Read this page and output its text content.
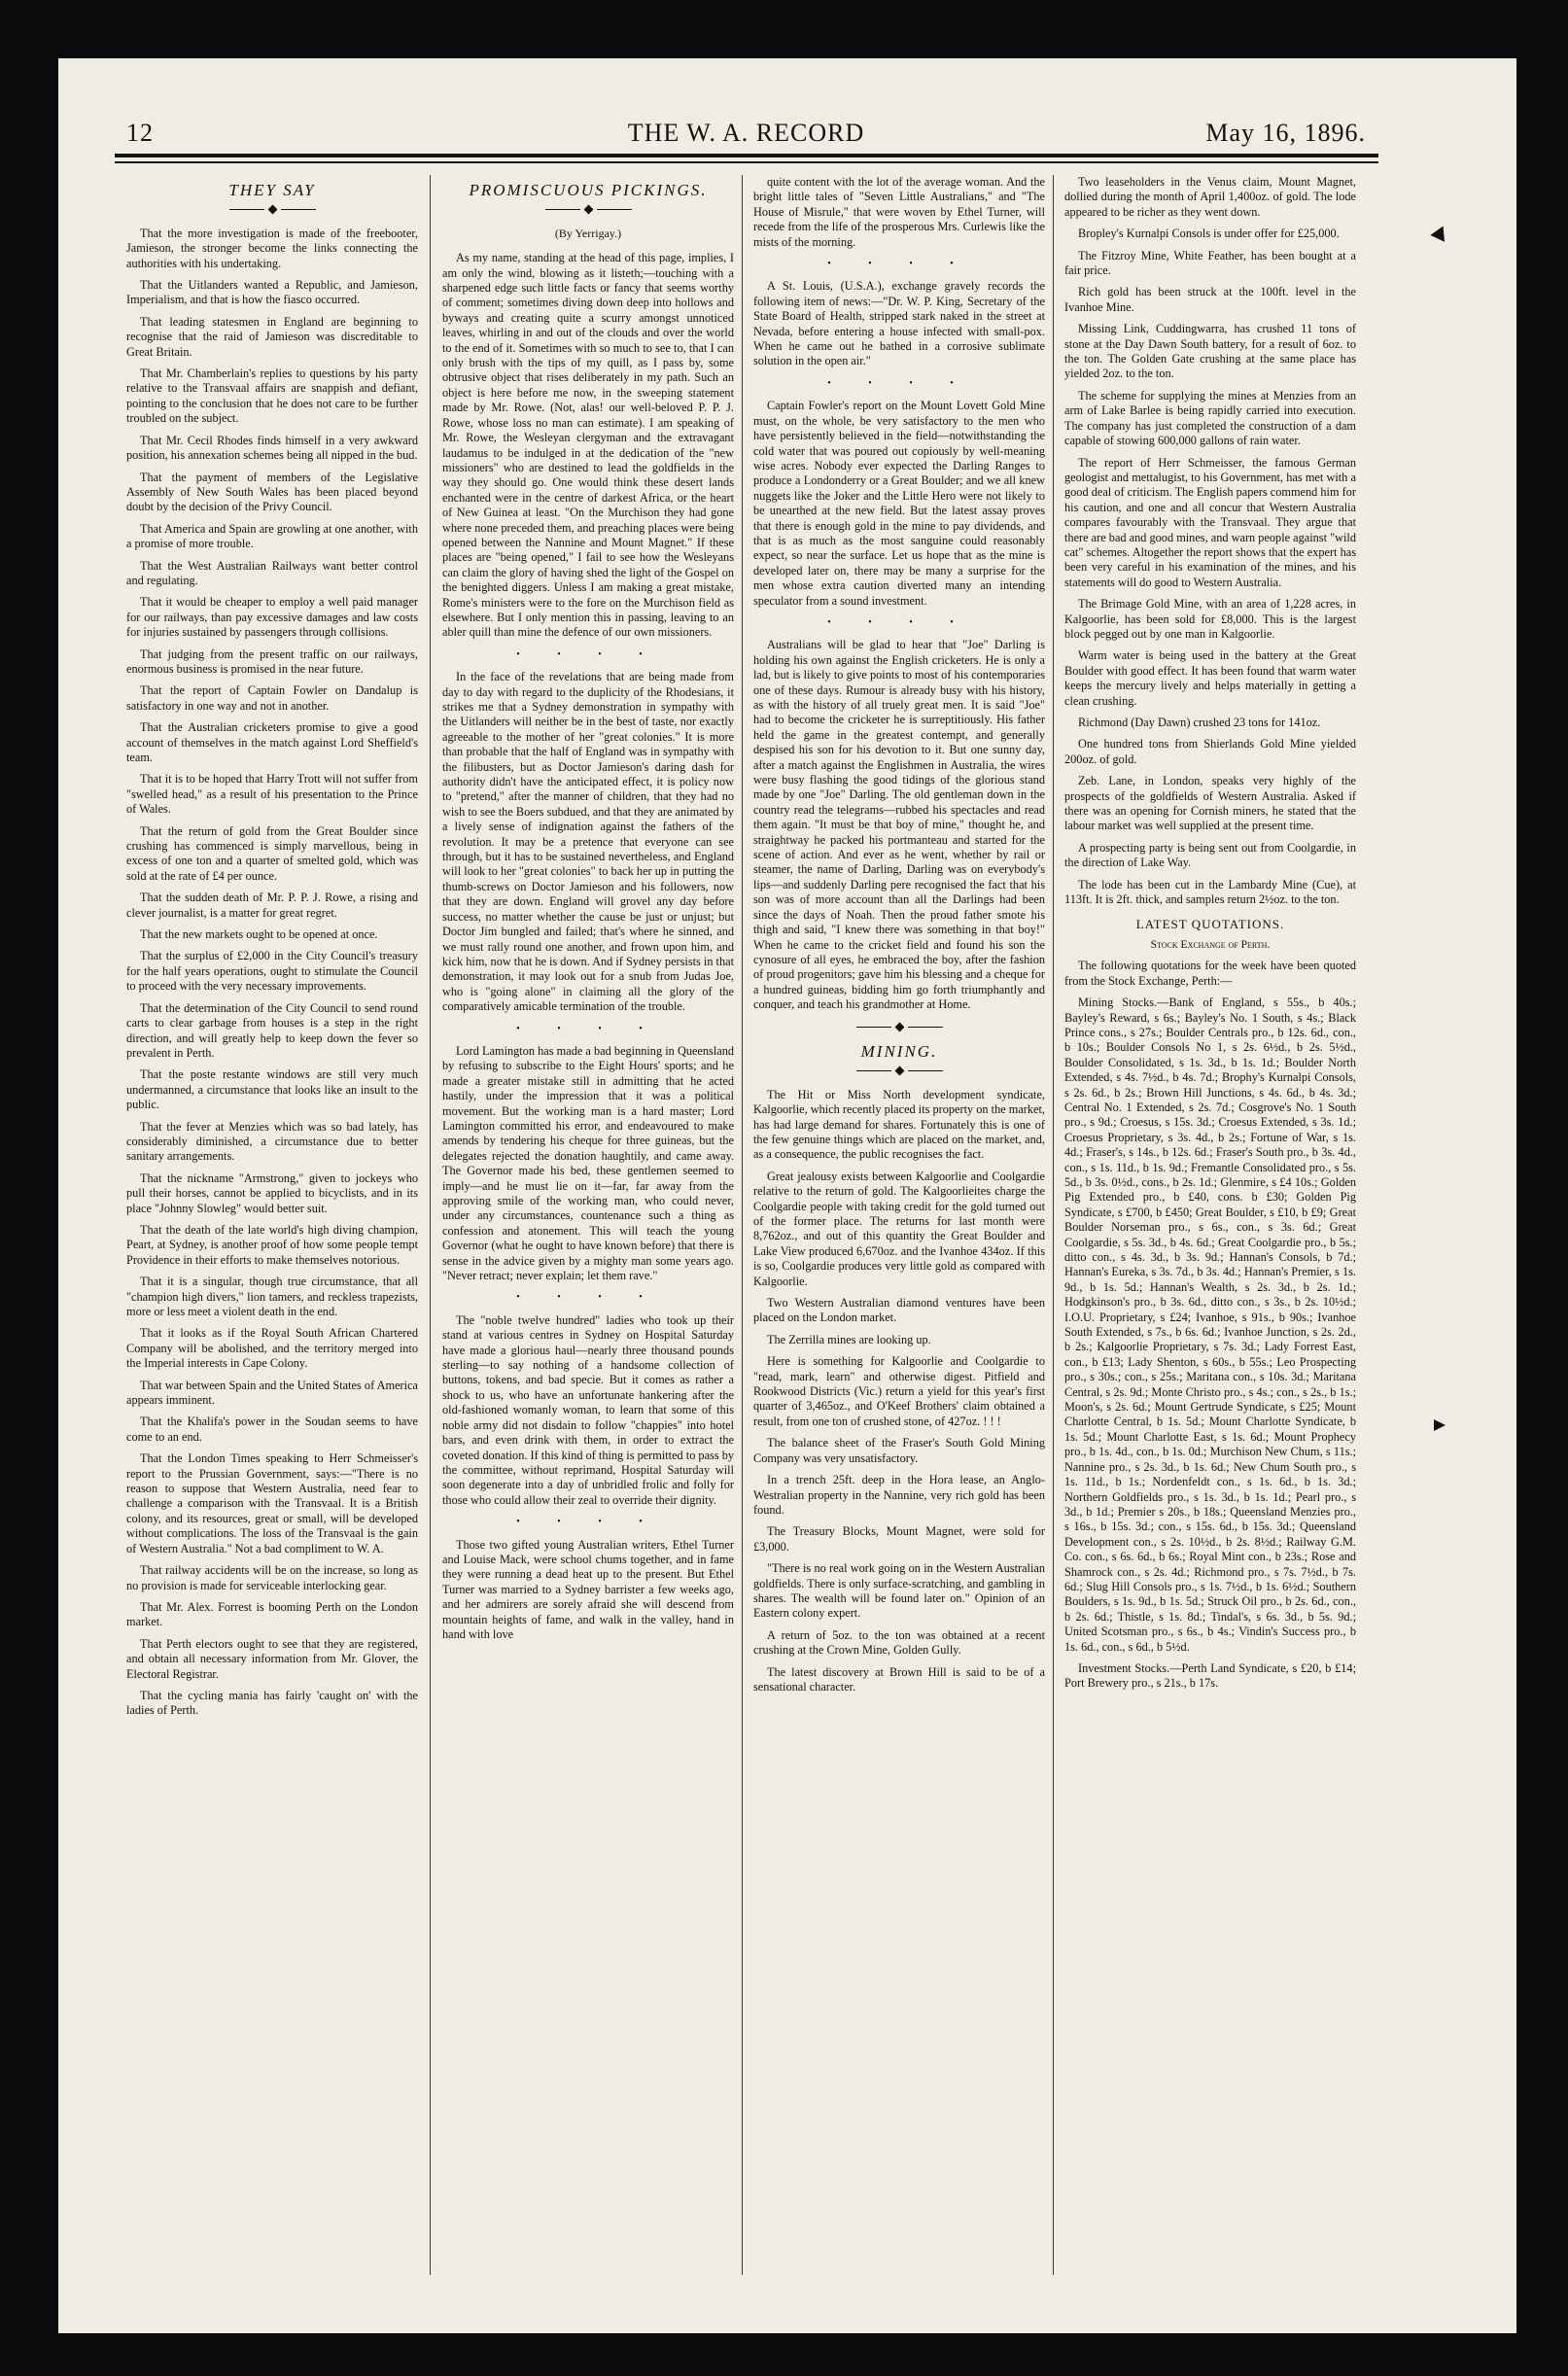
12	THE W. A. RECORD	May 16, 1896.
THEY SAY

That the more investigation is made of the freebooter, Jamieson, the stronger become the links connecting the authorities with his undertaking.

That the Uitlanders wanted a Republic, and Jamieson, Imperialism, and that is how the fiasco occurred.

That leading statesmen in England are beginning to recognise that the raid of Jamieson was discreditable to Great Britain.

That Mr. Chamberlain's replies to questions by his party relative to the Transvaal affairs are snappish and defiant, pointing to the conclusion that he does not care to be further troubled on the subject.

That Mr. Cecil Rhodes finds himself in a very awkward position, his annexation schemes being all nipped in the bud.

That the payment of members of the Legislative Assembly of New South Wales has been placed beyond doubt by the decision of the Privy Council.

That America and Spain are growling at one another, with a promise of more trouble.

That the West Australian Railways want better control and regulating.

That it would be cheaper to employ a well paid manager for our railways, than pay excessive damages and law costs for injuries sustained by passengers through collisions.

That judging from the present traffic on our railways, enormous business is promised in the near future.

That the report of Captain Fowler on Dandalup is satisfactory in one way and not in another.

That the Australian cricketers promise to give a good account of themselves in the match against Lord Sheffield's team.

That it is to be hoped that Harry Trott will not suffer from "swelled head," as a result of his presentation to the Prince of Wales.

That the return of gold from the Great Boulder since crushing has commenced is simply marvellous, being in excess of one ton and a quarter of smelted gold, which was sold at the rate of £4 per ounce.

That the sudden death of Mr. P. P. J. Rowe, a rising and clever journalist, is a matter for great regret.

That the new markets ought to be opened at once.

That the surplus of £2,000 in the City Council's treasury for the half years operations, ought to stimulate the Council to proceed with the very necessary improvements.

That the determination of the City Council to send round carts to clear garbage from houses is a step in the right direction, and will greatly help to keep down the fever so prevalent in Perth.

That the poste restante windows are still very much undermanned, a circumstance that looks like an insult to the public.

That the fever at Menzies which was so bad lately, has considerably diminished, a circumstance due to better sanitary arrangements.

That the nickname "Armstrong," given to jockeys who pull their horses, cannot be applied to bicyclists, and in its place "Johnny Slowleg" would better suit.

That the death of the late world's high diving champion, Peart, at Sydney, is another proof of how some people tempt Providence in their efforts to make themselves notorious.

That it is a singular, though true circumstance, that all "champion high divers," lion tamers, and reckless trapezists, more or less meet a violent death in the end.

That it looks as if the Royal South African Chartered Company will be abolished, and the territory merged into the Imperial interests in Cape Colony.

That war between Spain and the United States of America appears imminent.

That the Khalifa's power in the Soudan seems to have come to an end.

That the London Times speaking to Herr Schmeisser's report to the Prussian Government, says:—"There is no reason to suppose that Western Australia, need fear to challenge a comparison with the Transvaal. It is a British colony, and its resources, great or small, will be developed without complications. The loss of the Transvaal is the gain of Western Australia." Not a bad compliment to W. A.

That railway accidents will be on the increase, so long as no provision is made for serviceable interlocking gear.

That Mr. Alex. Forrest is booming Perth on the London market.

That Perth electors ought to see that they are registered, and obtain all necessary information from Mr. Glover, the Electoral Registrar.

That the cycling mania has fairly 'caught on' with the ladies of Perth.

PROMISCUOUS PICKINGS.
(By Yerrigay.)

As my name, standing at the head of this page, implies, I am only the wind, blowing as it listeth;—touching with a sharpened edge such little facts or fancy that seems worthy of comment; sometimes diving down deep into hollows and byways and creating quite a scurry amongst unnoticed leaves, whirling in and out of the clouds and over the world to the end of it. Sometimes with so much to see to, that I can only brush with the tips of my quill, as I pass by, some obtrusive object that rises deliberately in my path. Such an object is here before me now, in the sweeping statement made by Mr. Rowe. (Not, alas! our well-beloved P. P. J. Rowe, whose loss no man can estimate). I am speaking of Mr. Rowe, the Wesleyan clergyman and the extravagant laudamus to be indulged in at the dedication of the "new missioners" who are destined to lead the goldfields in the way they should go. One would think these desert lands enchanted were in the centre of darkest Africa, or the heart of New Guinea at least. "On the Murchison they had gone where none preceded them, and preaching places were being opened between the Nannine and Mount Magnet." If these places are "being opened," I fail to see how the Wesleyans can claim the glory of having shed the light of the Gospel on the benighted diggers. Unless I am making a great mistake, Rome's ministers were to the fore on the Murchison field as elsewhere. But I only mention this in passing, leaving to an abler quill than mine the defence of our own missioners.

• • • •

In the face of the revelations that are being made from day to day with regard to the duplicity of the Rhodesians, it strikes me that a Sydney demonstration in sympathy with the Uitlanders will neither be in the best of taste, nor exactly agreeable to the mother of her "great colonies." It is more than probable that the half of England was in sympathy with the filibusters, but as Doctor Jamieson's daring dash for authority didn't have the anticipated effect, it is policy now to "pretend," after the manner of children, that they had no wish to see the Boers subdued, and that they are animated by a lively sense of indignation against the fathers of the revolution. It may be a pretence that everyone can see through, but it has to be sustained nevertheless, and England will look to her "great colonies" to back her up in putting the thumb-screws on Doctor Jamieson and his followers, now that they are down. England will grovel any day before success, no matter whether the cause be just or unjust; but Doctor Jim bungled and failed; that's where he sinned, and we must rally round one another, and frown upon him, and kick him, now that he is down. And if Sydney persists in that demonstration, it may look out for a snub from Judas Joe, who is "going alone" in claiming all the glory of the comparatively amicable termination of the trouble.

• • • •

Lord Lamington has made a bad beginning in Queensland by refusing to subscribe to the Eight Hours' sports; and he made a greater mistake still in admitting that he acted hastily, under the impression that it was a political movement. But the working man is a hard master; Lord Lamington committed his error, and endeavoured to make amends by tendering his cheque for three guineas, but the delegates rejected the donation haughtily, and came away. The Governor made his bed, these gentlemen seemed to imply—and he must lie on it—far, far away from the approving smile of the working man, who could never, under any circumstances, countenance such a thing as confession and atonement. This will teach the young Governor (what he ought to have known before) that there is sense in the advice given by a mighty man some years ago. "Never retract; never explain; let them rave."

• • • •

The "noble twelve hundred" ladies who took up their stand at various centres in Sydney on Hospital Saturday have made a glorious haul—nearly three thousand pounds sterling—to say nothing of a handsome collection of buttons, tokens, and bad specie. But it comes as rather a shock to us, who have an unfortunate hankering after the old-fashioned womanly woman, to learn that some of this noble army did not disdain to follow "chappies" into hotel bars, and even drink with them, in order to extract the coveted donation. If this kind of thing is permitted to pass by the committee, without reprimand, Hospital Saturday will soon degenerate into a day of unbridled frolic and folly for those who could allow their zeal to override their dignity.

• • • •

Those two gifted young Australian writers, Ethel Turner and Louise Mack, were school chums together, and in fame they were running a dead heat up to the present. But Ethel Turner was married to a Sydney barrister a few weeks ago, and her admirers are sorely afraid she will descend from mountain heights of fame, and walk in the valley, hand in hand with love

quite content with the lot of the average woman. And the bright little tales of "Seven Little Australians," and "The House of Misrule," that were woven by Ethel Turner, will recede from the life of the prosperous Mrs. Curlewis like the mists of the morning.

• • • •

A St. Louis, (U.S.A.), exchange gravely records the following item of news:—"Dr. W. P. King, Secretary of the State Board of Health, stripped stark naked in the street at Nevada, before entering a house infected with small-pox. When he came out he bathed in a corrosive sublimate solution in the open air."

• • • •

Captain Fowler's report on the Mount Lovett Gold Mine must, on the whole, be very satisfactory to the men who have persistently believed in the field—notwithstanding the cold water that was poured out copiously by well-meaning wise acres. Nobody ever expected the Darling Ranges to produce a Londonderry or a Great Boulder; and we all knew nuggets like the Joker and the Little Hero were not likely to be unearthed at the new field. But the latest assay proves that there is enough gold in the mine to pay dividends, and that is as much as the most sanguine could reasonably expect, so near the surface. Let us hope that as the mine is developed later on, there may be many a surprise for the men whose extra caution diverted many an intending speculator from a sound investment.

• • • •

Australians will be glad to hear that "Joe" Darling is holding his own against the English cricketers. He is only a lad, but is likely to give points to most of his contemporaries one of these days. Rumour is already busy with his history, as with the history of all truely great men. It is said "Joe" had to become the cricketer he is surreptitiously. His father held the game in the greatest contempt, and generally despised his son for his devotion to it. But one sunny day, after a match against the Englishmen in Australia, the wires were busy flashing the good tidings of the glorious stand made by one "Joe" Darling. The old gentleman down in the country read the telegrams—rubbed his spectacles and read them again. "It must be that boy of mine," thought he, and straightway he packed his portmanteau and started for the scene of action. And ever as he went, whether by rail or steamer, the name of Darling, Darling was on everybody's lips—and suddenly Darling pere recognised the fact that his son was of more account than all the Darlings had been since the days of Noah. Then the proud father smote his thigh and said, "I knew there was something in that boy!" When he came to the cricket field and found his son the cynosure of all eyes, he embraced the boy, after the fashion of proud progenitors; gave him his blessing and a cheque for a hundred guineas, bidding him go forth triumphantly and conquer, and teach his grandmother at Home.

MINING.

The Hit or Miss North development syndicate, Kalgoorlie, which recently placed its property on the market, has had large demand for shares. Fortunately this is one of the few genuine things which are placed on the market, and, as a consequence, the public recognises the fact.

Great jealousy exists between Kalgoorlie and Coolgardie relative to the return of gold. The Kalgoorlieites charge the Coolgardie people with taking credit for the gold turned out of the former place. The returns for last month were 8,762oz., and out of this quantity the Great Boulder and Lake View produced 6,670oz. and the Ivanhoe 434oz. If this is so, Coolgardie produces very little gold as compared with Kalgoorlie.

Two Western Australian diamond ventures have been placed on the London market.

The Zerrilla mines are looking up.

Here is something for Kalgoorlie and Coolgardie to "read, mark, learn" and otherwise digest. Pitfield and Rookwood Districts (Vic.) return a yield for this year's first quarter of 3,465oz., and O'Keef Brothers' claim obtained a result, from one ton of crushed stone, of 427oz. ! ! !

The balance sheet of the Fraser's South Gold Mining Company was very unsatisfactory.

In a trench 25ft. deep in the Hora lease, an Anglo-Westralian property in the Nannine, very rich gold has been found.

The Treasury Blocks, Mount Magnet, were sold for £3,000.

"There is no real work going on in the Western Australian goldfields. There is only surface-scratching, and gambling in shares. The wealth will be found later on." Opinion of an Eastern colony expert.

A return of 5oz. to the ton was obtained at a recent crushing at the Crown Mine, Golden Gully.

The latest discovery at Brown Hill is said to be of a sensational character.

Two leaseholders in the Venus claim, Mount Magnet, dollied during the month of April 1,400oz. of gold. The lode appeared to be richer as they went down.

Bropley's Kurnalpi Consols is under offer for £25,000.

The Fitzroy Mine, White Feather, has been bought at a fair price.

Rich gold has been struck at the 100ft. level in the Ivanhoe Mine.

Missing Link, Cuddingwarra, has crushed 11 tons of stone at the Day Dawn South battery, for a result of 6oz. to the ton. The Golden Gate crushing at the same place has yielded 2oz. to the ton.

The scheme for supplying the mines at Menzies from an arm of Lake Barlee is being rapidly carried into execution. The company has just completed the construction of a dam capable of stowing 600,000 gallons of rain water.

The report of Herr Schmeisser, the famous German geologist and mettalugist, to his Government, has met with a good deal of criticism. The English papers commend him for his caution, and one and all concur that Western Australia compares favourably with the Transvaal. They argue that there are bad and good mines, and warn people against "wild cat" schemes. Altogether the report shows that the expert has been very careful in his examination of the mines, and his statements will do good to Western Australia.

The Brimage Gold Mine, with an area of 1,228 acres, in Kalgoorlie, has been sold for £8,000. This is the largest block pegged out by one man in Kalgoorlie.

Warm water is being used in the battery at the Great Boulder with good effect. It has been found that warm water keeps the mercury lively and helps materially in getting a clean crushing.

Richmond (Day Dawn) crushed 23 tons for 141oz.

One hundred tons from Shierlands Gold Mine yielded 200oz. of gold.

Zeb. Lane, in London, speaks very highly of the prospects of the goldfields of Western Australia. Asked if there was an opening for Cornish miners, he stated that the labour market was well supplied at the present time.

A prospecting party is being sent out from Coolgardie, in the direction of Lake Way.

The lode has been cut in the Lambardy Mine (Cue), at 113ft. It is 2ft. thick, and samples return 2½oz. to the ton.

LATEST QUOTATIONS.
Stock Exchange of Perth.

The following quotations for the week have been quoted from the Stock Exchange, Perth:—

Mining Stocks.—Bank of England, s 55s., b 40s.; Bayley's Reward, s 6s.; Bayley's No. 1 South, s 4s.; Black Prince cons., s 27s.; Boulder Centrals pro., b 12s. 6d., con., b 10s.; Boulder Consols No 1, s 2s. 6½d., b 2s. 5½d., Boulder Consolidated, s 1s. 3d., b 1s. 1d.; Boulder North Extended, s 4s. 7½d., b 4s. 7d.; Brophy's Kurnalpi Consols, s 2s. 6d., b 2s.; Brown Hill Junctions, s 4s. 6d., b 4s. 3d.; Central No. 1 Extended, s 2s. 7d.; Cosgrove's No. 1 South pro., s 9d.; Croesus, s 15s. 3d.; Croesus Extended, s 3s. 1d.; Croesus Proprietary, s 3s. 4d., b 2s.; Fortune of War, s 1s. 4d.; Fraser's, s 14s., b 12s. 6d.; Fraser's South pro., b 3s. 4d., con., s 1s. 11d., b 1s. 9d.; Fremantle Consolidated pro., s 5s. 5d., b 3s. 0½d., cons., b 2s. 1d.; Glenmire, s £4 10s.; Golden Pig Extended pro., b £40, cons. b £30; Golden Pig Syndicate, s £700, b £450; Great Boulder, s £10, b £9; Great Boulder Norseman pro., s 6s., con., s 3s. 6d.; Great Coolgardie, s 5s. 3d., b 4s. 6d.; Great Coolgardie pro., b 5s.; ditto con., s 4s. 3d., b 3s. 9d.; Hannan's Consols, b 7d.; Hannan's Eureka, s 3s. 7d., b 3s. 4d.; Hannan's Premier, s 1s. 9d., b 1s. 5d.; Hannan's Wealth, s 2s. 3d., b 2s. 1d.; Hodgkinson's pro., b 3s. 6d., ditto con., s 3s., b 2s. 10½d.; I.O.U. Proprietary, s £24; Ivanhoe, s 91s., b 90s.; Ivanhoe South Extended, s 7s., b 6s. 6d.; Ivanhoe Junction, s 2s. 2d., b 2s.; Kalgoorlie Proprietary, s 7s. 3d.; Lady Forrest East, con., b £13; Lady Shenton, s 60s., b 55s.; Leo Prospecting pro., s 30s.; con., s 25s.; Maritana con., s 10s. 3d.; Maritana Central, s 2s. 9d.; Monte Christo pro., s 4s.; con., s 2s., b 1s.; Moon's, s 2s. 6d.; Mount Gertrude Syndicate, s £25; Mount Charlotte Central, b 1s. 5d.; Mount Charlotte Syndicate, b 1s. 5d.; Mount Charlotte East, s 1s. 6d.; Mount Prophecy pro., b 1s. 4d., con., b 1s. 0d.; Murchison New Chum, s 11s.; Nannine pro., s 2s. 3d., b 1s. 6d.; New Chum South pro., s 1s. 11d., b 1s.; Nordenfeldt con., s 1s. 6d., b 1s. 3d.; Northern Goldfields pro., s 1s. 3d., b 1s. 1d.; Pearl pro., s 3d., b 1d.; Premier s 20s., b 18s.; Queensland Menzies pro., s 16s., b 15s. 3d.; con., s 15s. 6d., b 15s. 3d.; Queensland Development con., s 2s. 10½d., b 2s. 8½d.; Railway G.M. Co. con., s 6s. 6d., b 6s.; Royal Mint con., b 23s.; Rose and Shamrock con., s 2s. 4d.; Richmond pro., s 7s. 7½d., b 7s. 6d.; Slug Hill Consols pro., s 1s. 7½d., b 1s. 6½d.; Southern Boulders, s 1s. 9d., b 1s. 5d.; Struck Oil pro., b 2s. 6d., con., b 2s. 6d.; Thistle, s 1s. 8d.; Tindal's, s 6s. 3d., b 5s. 9d.; United Scotsman pro., s 6s., b 4s.; Vindin's Success pro., b 1s. 6d., con., s 6d., b 5½d.

Investment Stocks.—Perth Land Syndicate, s £20, b £14; Port Brewery pro., s 21s., b 17s.
